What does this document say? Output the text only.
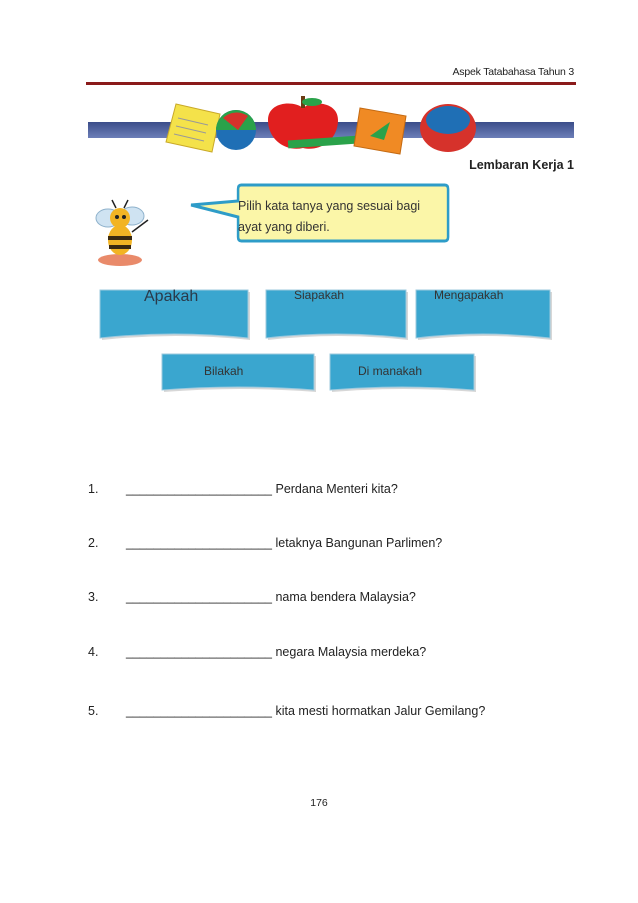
Aspek Tatabahasa Tahun 3
Lembaran Kerja 1
Pilih kata tanya yang sesuai bagi
ayat yang diberi.
Apakah	Siapakah	Mengapakah
Bilakah	Di manakah
1. _____________________ Perdana Menteri kita?
2. _____________________ letaknya Bangunan Parlimen?
3. _____________________ nama bendera Malaysia?
4. _____________________ negara Malaysia merdeka?
5. _____________________ kita mesti hormatkan Jalur Gemilang?
176
